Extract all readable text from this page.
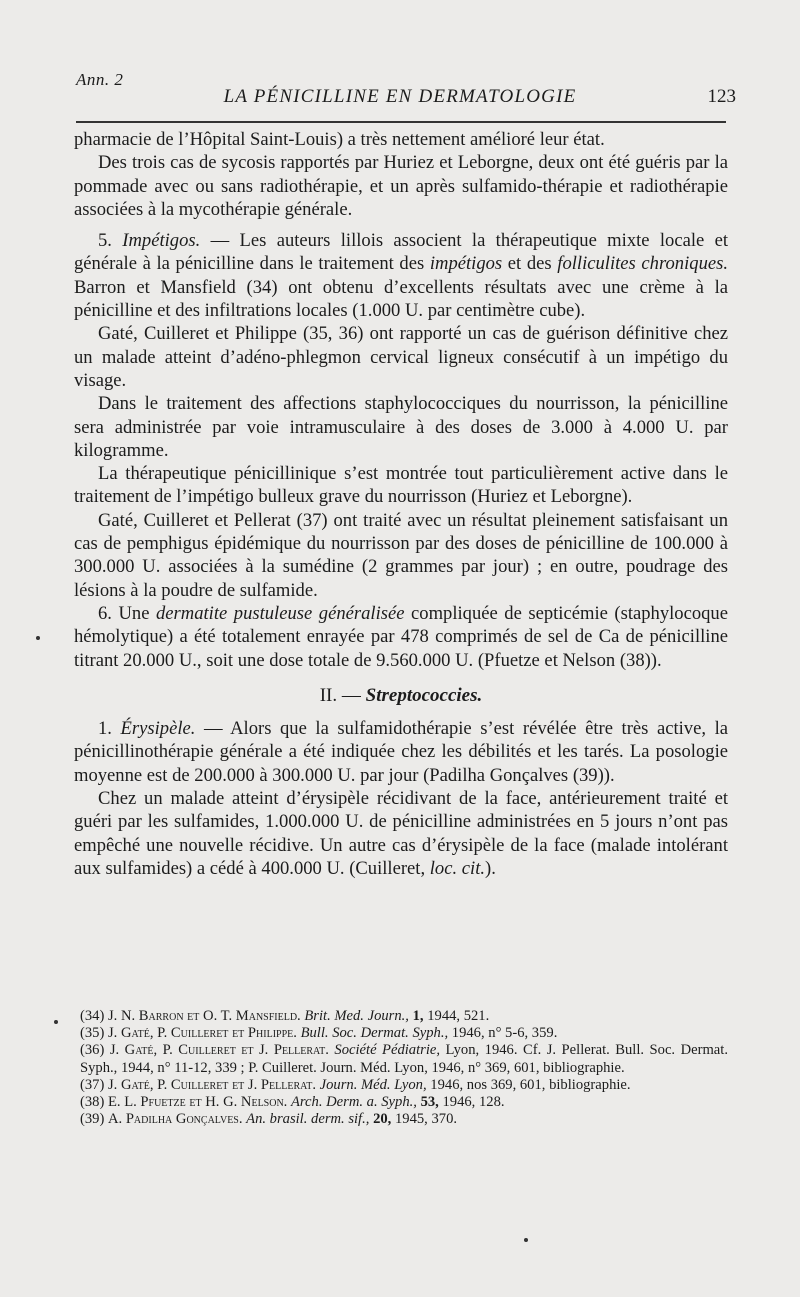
Ann. 2
LA PÉNICILLINE EN DERMATOLOGIE	123

pharmacie de l’Hôpital Saint-Louis) a très nettement amélioré leur état.

Des trois cas de sycosis rapportés par Huriez et Leborgne, deux ont été guéris par la pommade avec ou sans radiothérapie, et un après sulfamido-thérapie et radiothérapie associées à la mycothérapie générale.

5. Impétigos. — Les auteurs lillois associent la thérapeutique mixte locale et générale à la pénicilline dans le traitement des impétigos et des folliculites chroniques. Barron et Mansfield (34) ont obtenu d’excellents résultats avec une crème à la pénicilline et des infiltrations locales (1.000 U. par centimètre cube).

Gaté, Cuilleret et Philippe (35, 36) ont rapporté un cas de guérison définitive chez un malade atteint d’adéno-phlegmon cervical ligneux consécutif à un impétigo du visage.

Dans le traitement des affections staphylococciques du nourrisson, la pénicilline sera administrée par voie intramusculaire à des doses de 3.000 à 4.000 U. par kilogramme.

La thérapeutique pénicillinique s’est montrée tout particulièrement active dans le traitement de l’impétigo bulleux grave du nourrisson (Huriez et Leborgne).

Gaté, Cuilleret et Pellerat (37) ont traité avec un résultat pleinement satisfaisant un cas de pemphigus épidémique du nourrisson par des doses de pénicilline de 100.000 à 300.000 U. associées à la sumédine (2 grammes par jour) ; en outre, poudrage des lésions à la poudre de sulfamide.

6. Une dermatite pustuleuse généralisée compliquée de septicémie (staphylocoque hémolytique) a été totalement enrayée par 478 comprimés de sel de Ca de pénicilline titrant 20.000 U., soit une dose totale de 9.560.000 U. (Pfuetze et Nelson (38)).

II. — Streptococcies.

1. Érysipèle. — Alors que la sulfamidothérapie s’est révélée être très active, la pénicillinothérapie générale a été indiquée chez les débilités et les tarés. La posologie moyenne est de 200.000 à 300.000 U. par jour (Padilha Gonçalves (39)).

Chez un malade atteint d’érysipèle récidivant de la face, antérieurement traité et guéri par les sulfamides, 1.000.000 U. de pénicilline administrées en 5 jours n’ont pas empêché une nouvelle récidive. Un autre cas d’érysipèle de la face (malade intolérant aux sulfamides) a cédé à 400.000 U. (Cuilleret, loc. cit.).

(34) J. N. Barron et O. T. Mansfield. Brit. Med. Journ., 1, 1944, 521.

(35) J. Gaté, P. Cuilleret et Philippe. Bull. Soc. Dermat. Syph., 1946, n° 5-6, 359.

(36) J. Gaté, P. Cuilleret et J. Pellerat. Société Pédiatrie, Lyon, 1946. Cf. J. Pellerat. Bull. Soc. Dermat. Syph., 1944, n° 11-12, 339 ; P. Cuilleret. Journ. Méd. Lyon, 1946, n° 369, 601, bibliographie.

(37) J. Gaté, P. Cuilleret et J. Pellerat. Journ. Méd. Lyon, 1946, nos 369, 601, bibliographie.

(38) E. L. Pfuetze et H. G. Nelson. Arch. Derm. a. Syph., 53, 1946, 128.

(39) A. Padilha Gonçalves. An. brasil. derm. sif., 20, 1945, 370.
